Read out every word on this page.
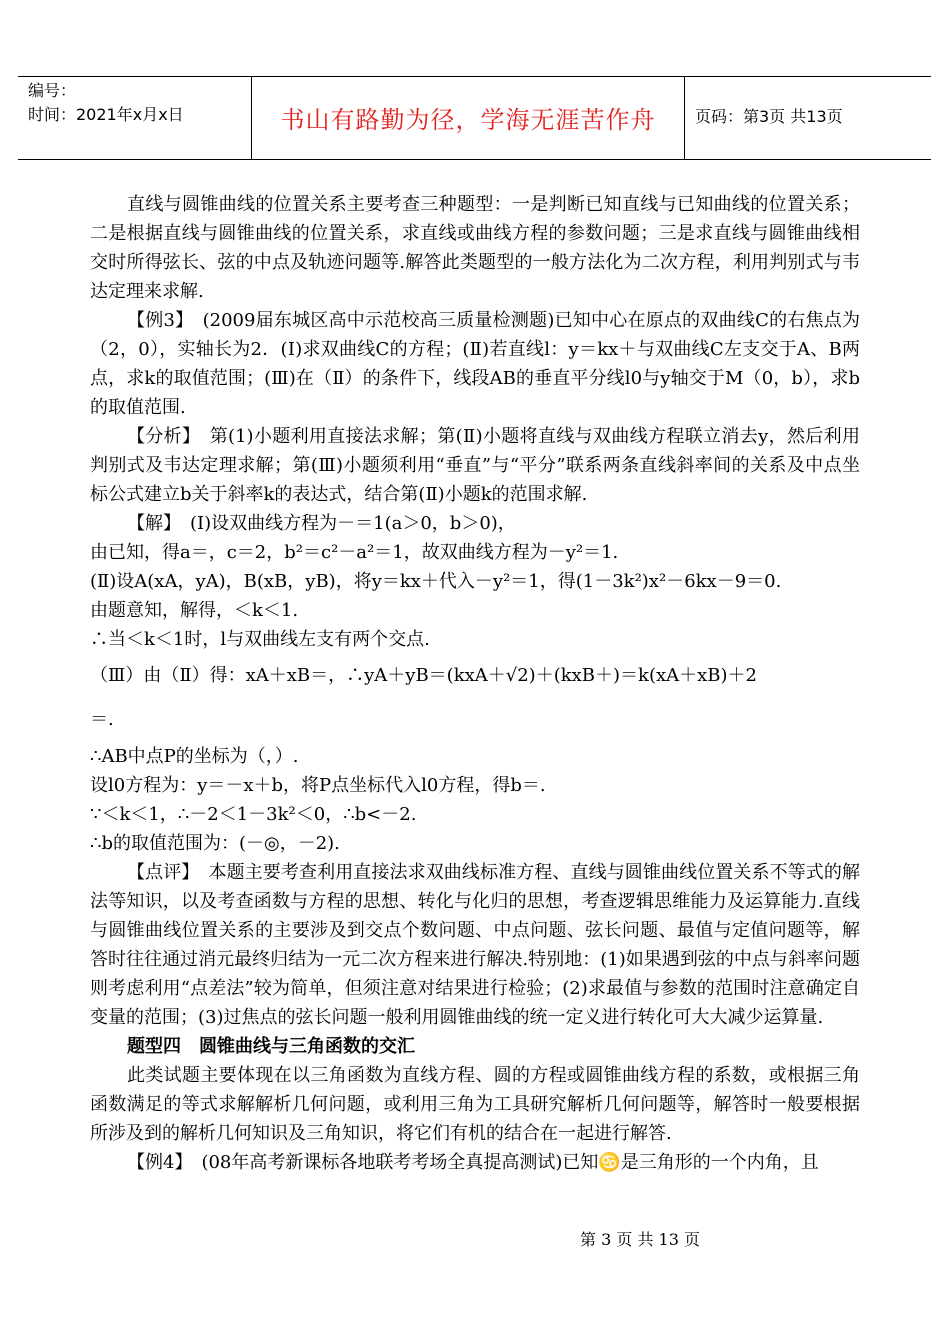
编号：
时间：2021年x月x日	书山有路勤为径，学海无涯苦作舟	页码：第3页 共13页

直线与圆锥曲线的位置关系主要考查三种题型：一是判断已知直线与已知曲线的位置关系；二是根据直线与圆锥曲线的位置关系，求直线或曲线方程的参数问题；三是求直线与圆锥曲线相交时所得弦长、弦的中点及轨迹问题等.解答此类题型的一般方法化为二次方程，利用判别式与韦达定理来求解.

【例3】　(2009届东城区高中示范校高三质量检测题)已知中心在原点的双曲线C的右焦点为（2，0），实轴长为2．(Ⅰ)求双曲线C的方程；(Ⅱ)若直线l：y＝kx＋与双曲线C左支交于A、B两点，求k的取值范围；(Ⅲ)在（Ⅱ）的条件下，线段AB的垂直平分线l0与y轴交于M（0，b），求b的取值范围.

【分析】　第(1)小题利用直接法求解；第(Ⅱ)小题将直线与双曲线方程联立消去y，然后利用判别式及韦达定理求解；第(Ⅲ)小题须利用“垂直”与“平分”联系两条直线斜率间的关系及中点坐标公式建立b关于斜率k的表达式，结合第(Ⅱ)小题k的范围求解.

【解】　(Ⅰ)设双曲线方程为－＝1(a＞0，b＞0)，

由已知，得a＝，c＝2，b²＝c²－a²＝1，故双曲线方程为－y²＝1.

(Ⅱ)设A(xA，yA)，B(xB，yB)，将y＝kx＋代入－y²＝1，得(1－3k²)x²－6kx－9＝0.

由题意知，解得，＜k＜1.

∴当＜k＜1时，l与双曲线左支有两个交点.

（Ⅲ）由（Ⅱ）得：xA＋xB＝，∴yA＋yB＝(kxA＋√2)＋(kxB＋)＝k(xA＋xB)＋2

＝.

∴AB中点P的坐标为（，）.

设l0方程为：y＝－x＋b，将P点坐标代入l0方程，得b＝.

∵＜k＜1，∴－2＜1－3k²＜0，∴b<－2.

∴b的取值范围为：(－◎，－2).

【点评】　本题主要考查利用直接法求双曲线标准方程、直线与圆锥曲线位置关系不等式的解法等知识，以及考查函数与方程的思想、转化与化归的思想，考查逻辑思维能力及运算能力.直线与圆锥曲线位置关系的主要涉及到交点个数问题、中点问题、弦长问题、最值与定值问题等，解答时往往通过消元最终归结为一元二次方程来进行解决.特别地：(1)如果遇到弦的中点与斜率问题则考虑利用“点差法”较为简单，但须注意对结果进行检验；(2)求最值与参数的范围时注意确定自变量的范围；(3)过焦点的弦长问题一般利用圆锥曲线的统一定义进行转化可大大减少运算量.

题型四　圆锥曲线与三角函数的交汇

此类试题主要体现在以三角函数为直线方程、圆的方程或圆锥曲线方程的系数，或根据三角函数满足的等式求解解析几何问题，或利用三角为工具研究解析几何问题等，解答时一般要根据所涉及到的解析几何知识及三角知识，将它们有机的结合在一起进行解答.

【例4】　(08年高考新课标各地联考考场全真提高测试)已知♋是三角形的一个内角，且

第 3 页 共 13 页
